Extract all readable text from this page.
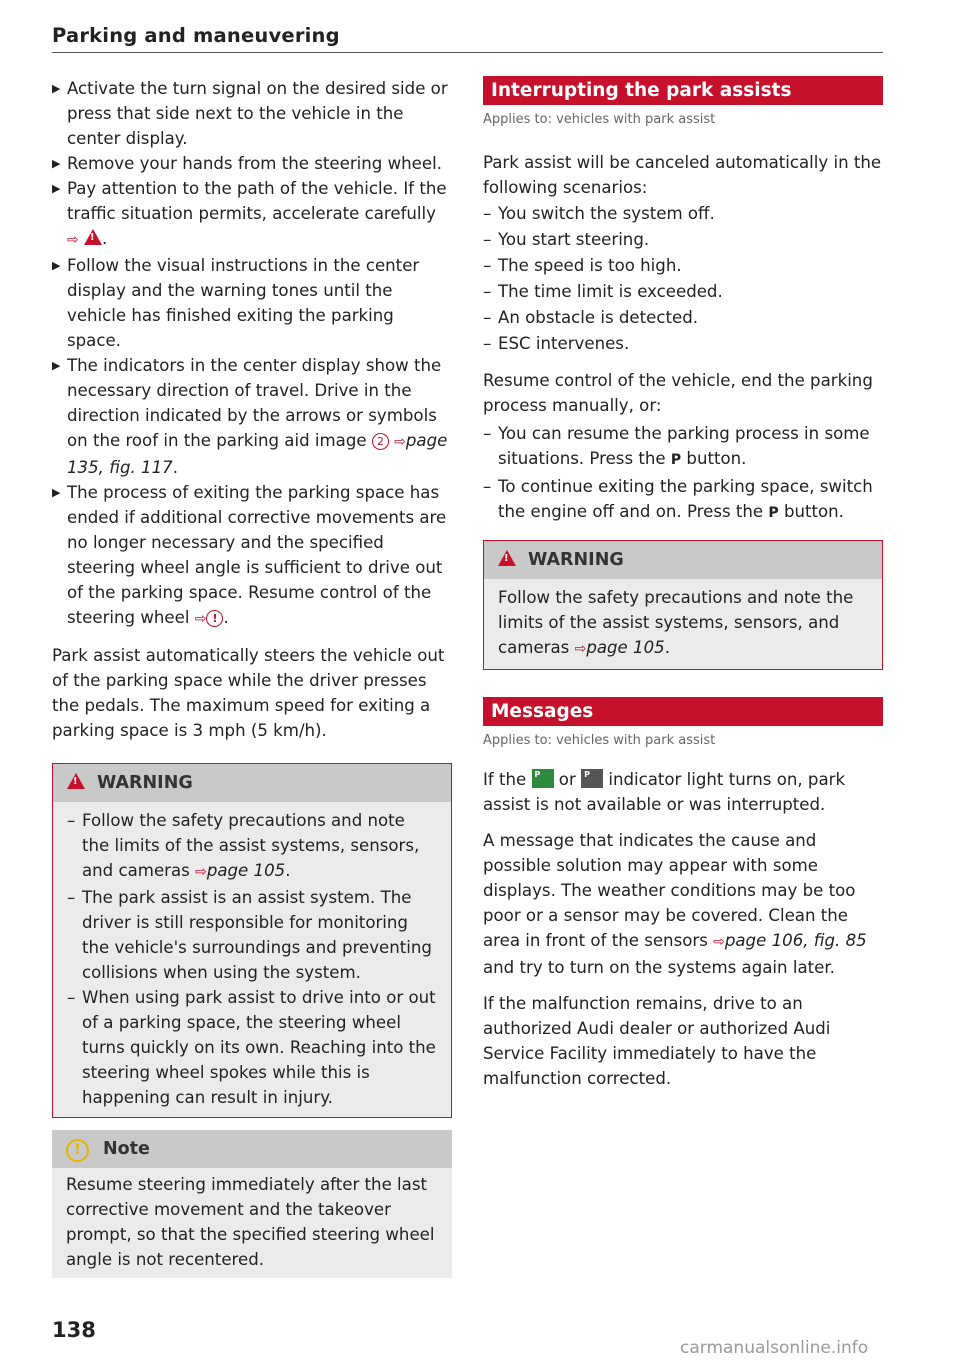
Parking and maneuvering
▶ Activate the turn signal on the desired side or press that side next to the vehicle in the center display.
▶ Remove your hands from the steering wheel.
▶ Pay attention to the path of the vehicle. If the traffic situation permits, accelerate carefully ⇨ ! .
▶ Follow the visual instructions in the center display and the warning tones until the vehicle has finished exiting the parking space.
▶ The indicators in the center display show the necessary direction of travel. Drive in the direction indicated by the arrows or symbols on the roof in the parking aid image 2 ⇨page 135, fig. 117.
▶ The process of exiting the parking space has ended if additional corrective movements are no longer necessary and the specified steering wheel angle is sufficient to drive out of the parking space. Resume control of the steering wheel ⇨ ! .

Park assist automatically steers the vehicle out of the parking space while the driver presses the pedals. The maximum speed for exiting a parking space is 3 mph (5 km/h).

!WARNING
– Follow the safety precautions and note the limits of the assist systems, sensors, and cameras ⇨page 105.
– The park assist is an assist system. The driver is still responsible for monitoring the vehicle's surroundings and preventing collisions when using the system.
– When using park assist to drive into or out of a parking space, the steering wheel turns quickly on its own. Reaching into the steering wheel spokes while this is happening can result in injury.
! Note

Resume steering immediately after the last corrective movement and the takeover prompt, so that the specified steering wheel angle is not recentered.

Interrupting the park assists
Applies to: vehicles with park assist

Park assist will be canceled automatically in the following scenarios:

– You switch the system off.
– You start steering.
– The speed is too high.
– The time limit is exceeded.
– An obstacle is detected.
– ESC intervenes.

Resume control of the vehicle, end the parking process manually, or:

– You can resume the parking process in some situations. Press the P button.
– To continue exiting the parking space, switch the engine off and on. Press the P button.
!WARNING

Follow the safety precautions and note the limits of the assist systems, sensors, and cameras ⇨page 105.

Messages
Applies to: vehicles with park assist

If the P or P indicator light turns on, park assist is not available or was interrupted.

A message that indicates the cause and possible solution may appear with some displays. The weather conditions may be too poor or a sensor may be covered. Clean the area in front of the sensors ⇨page 106, fig. 85 and try to turn on the systems again later.

If the malfunction remains, drive to an authorized Audi dealer or authorized Audi Service Facility immediately to have the malfunction corrected.

138
carmanualsonline.info
